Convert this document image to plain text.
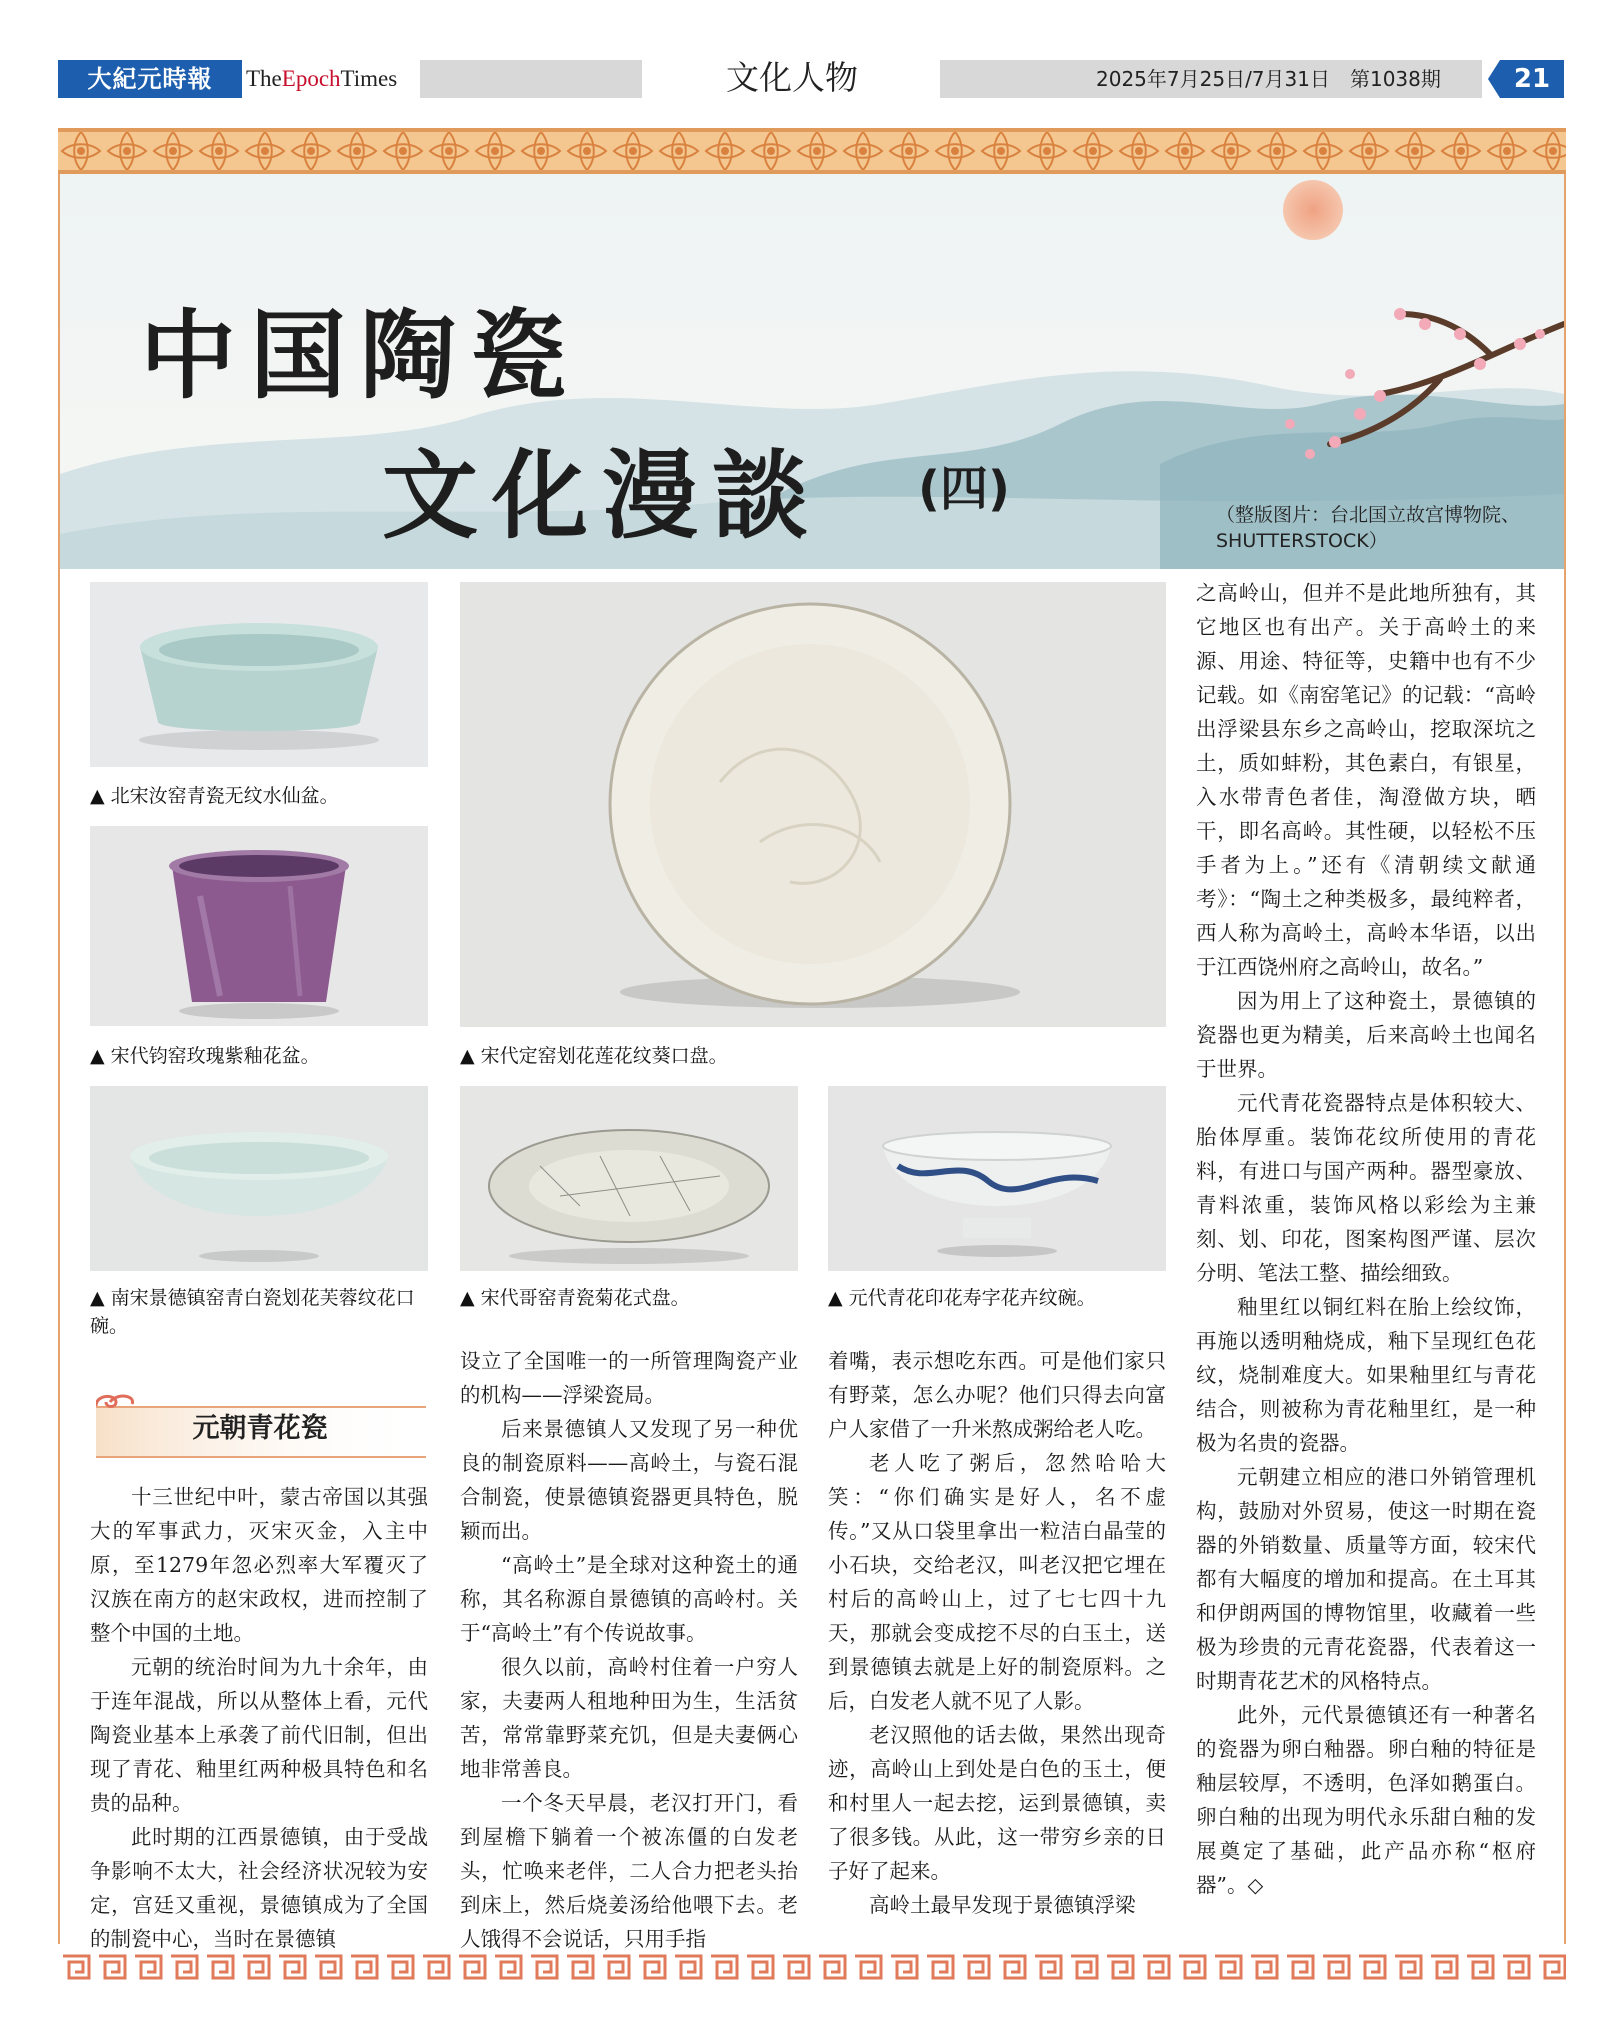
大紀元時報	TheEpochTimes	文化人物	2025年7月25日/7月31日　第1038期	21
中国陶瓷
文化漫談 (四)	（整版图片：台北国立故宫博物院、
SHUTTERSTOCK）
▲ 北宋汝窑青瓷无纹水仙盆。
▲ 宋代钧窑玫瑰紫釉花盆。	▲ 宋代定窑划花莲花纹葵口盘。
▲ 南宋景德镇窑青白瓷划花芙蓉纹花口碗。
▲ 宋代哥窑青瓷菊花式盘。	▲ 元代青花印花寿字花卉纹碗。
元朝青花瓷

十三世纪中叶，蒙古帝国以其强大的军事武力，灭宋灭金，入主中原，至1279年忽必烈率大军覆灭了汉族在南方的赵宋政权，进而控制了整个中国的土地。

元朝的统治时间为九十余年，由于连年混战，所以从整体上看，元代陶瓷业基本上承袭了前代旧制，但出现了青花、釉里红两种极具特色和名贵的品种。

此时期的江西景德镇，由于受战争影响不太大，社会经济状况较为安定，宫廷又重视，景德镇成为了全国的制瓷中心，当时在景德镇

设立了全国唯一的一所管理陶瓷产业的机构——浮梁瓷局。

后来景德镇人又发现了另一种优良的制瓷原料——高岭土，与瓷石混合制瓷，使景德镇瓷器更具特色，脱颖而出。

“高岭土”是全球对这种瓷土的通称，其名称源自景德镇的高岭村。关于“高岭土”有个传说故事。

很久以前，高岭村住着一户穷人家，夫妻两人租地种田为生，生活贫苦，常常靠野菜充饥，但是夫妻俩心地非常善良。

一个冬天早晨，老汉打开门，看到屋檐下躺着一个被冻僵的白发老头，忙唤来老伴，二人合力把老头抬到床上，然后烧姜汤给他喂下去。老人饿得不会说话，只用手指

着嘴，表示想吃东西。可是他们家只有野菜，怎么办呢？他们只得去向富户人家借了一升米熬成粥给老人吃。

老人吃了粥后，忽然哈哈大笑：“你们确实是好人，名不虚传。”又从口袋里拿出一粒洁白晶莹的小石块，交给老汉，叫老汉把它埋在村后的高岭山上，过了七七四十九天，那就会变成挖不尽的白玉土，送到景德镇去就是上好的制瓷原料。之后，白发老人就不见了人影。

老汉照他的话去做，果然出现奇迹，高岭山上到处是白色的玉土，便和村里人一起去挖，运到景德镇，卖了很多钱。从此，这一带穷乡亲的日子好了起来。

高岭土最早发现于景德镇浮梁

之高岭山，但并不是此地所独有，其它地区也有出产。关于高岭土的来源、用途、特征等，史籍中也有不少记载。如《南窑笔记》的记载：“高岭出浮梁县东乡之高岭山，挖取深坑之土，质如蚌粉，其色素白，有银星，入水带青色者佳，淘澄做方块，晒干，即名高岭。其性硬，以轻松不压手者为上。”还有《清朝续文献通考》：“陶土之种类极多，最纯粹者，西人称为高岭土，高岭本华语，以出于江西饶州府之高岭山，故名。”

因为用上了这种瓷土，景德镇的瓷器也更为精美，后来高岭土也闻名于世界。

元代青花瓷器特点是体积较大、胎体厚重。装饰花纹所使用的青花料，有进口与国产两种。器型豪放、青料浓重，装饰风格以彩绘为主兼刻、划、印花，图案构图严谨、层次分明、笔法工整、描绘细致。

釉里红以铜红料在胎上绘纹饰，再施以透明釉烧成，釉下呈现红色花纹，烧制难度大。如果釉里红与青花结合，则被称为青花釉里红，是一种极为名贵的瓷器。

元朝建立相应的港口外销管理机构，鼓励对外贸易，使这一时期在瓷器的外销数量、质量等方面，较宋代都有大幅度的增加和提高。在土耳其和伊朗两国的博物馆里，收藏着一些极为珍贵的元青花瓷器，代表着这一时期青花艺术的风格特点。

此外，元代景德镇还有一种著名的瓷器为卵白釉器。卵白釉的特征是釉层较厚，不透明，色泽如鹅蛋白。卵白釉的出现为明代永乐甜白釉的发展奠定了基础，此产品亦称“枢府器”。◇
